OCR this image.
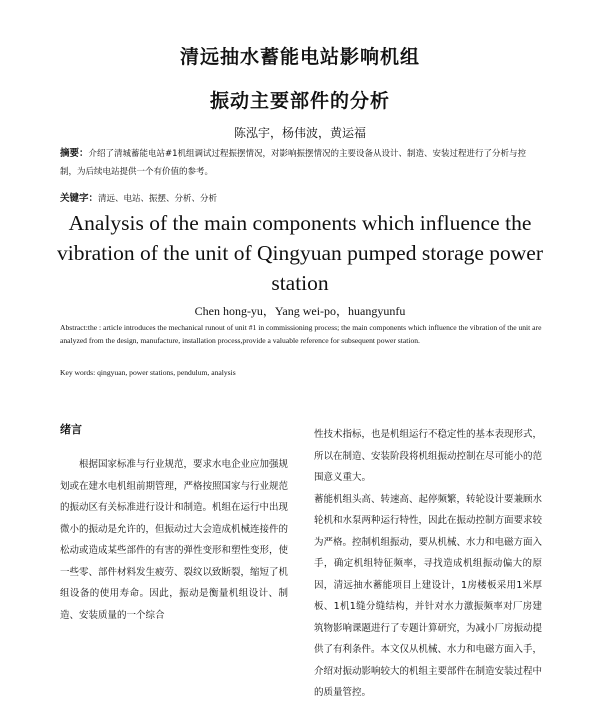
清远抽水蓄能电站影响机组
振动主要部件的分析
陈泓宇，杨伟波，黄运福
摘要：介绍了清城蓄能电站#1机组调试过程振摆情况，对影响振摆情况的主要设备从设计、制造、安装过程进行了分析与控制，为后续电站提供一个有价值的参考。
关键字：清远、电站、振摆、分析、分析
Analysis of the main components which influence the vibration of the unit of Qingyuan pumped storage power station
Chen hong-yu，Yang wei-po，huangyunfu
Abstract:the : article introduces the mechanical runout of unit #1 in commissioning process; the main components which influence the vibration of the unit are analyzed from the design, manufacture, installation process,provide a valuable reference for subsequent power station.
Key words: qingyuan, power stations, pendulum, analysis
绪言

根据国家标准与行业规范，要求水电企业应加强规划或在建水电机组前期管理，严格按照国家与行业规范的振动区有关标准进行设计和制造。机组在运行中出现微小的振动是允许的，但振动过大会造成机械连接件的松动或造成某些部件的有害的弹性变形和塑性变形，使一些零、部件材料发生疲劳、裂纹以致断裂，缩短了机组设备的使用寿命。因此，振动是衡量机组设计、制造、安装质量的一个综合

性技术指标，也是机组运行不稳定性的基本表现形式，所以在制造、安装阶段将机组振动控制在尽可能小的范围意义重大。

蓄能机组头高、转速高、起停频繁，转轮设计要兼顾水轮机和水泵两种运行特性，因此在振动控制方面要求较为严格。控制机组振动，要从机械、水力和电磁方面入手，确定机组特征频率，寻找造成机组振动偏大的原因，清远抽水蓄能项目上建设计，1房楼板采用1米厚板、1机1缝分缝结构，并针对水力激振频率对厂房建筑物影响课题进行了专题计算研究，为减小厂房振动提供了有利条件。本文仅从机械、水力和电磁方面入手，介绍对振动影响较大的机组主要部件在制造安装过程中的质量管控。
